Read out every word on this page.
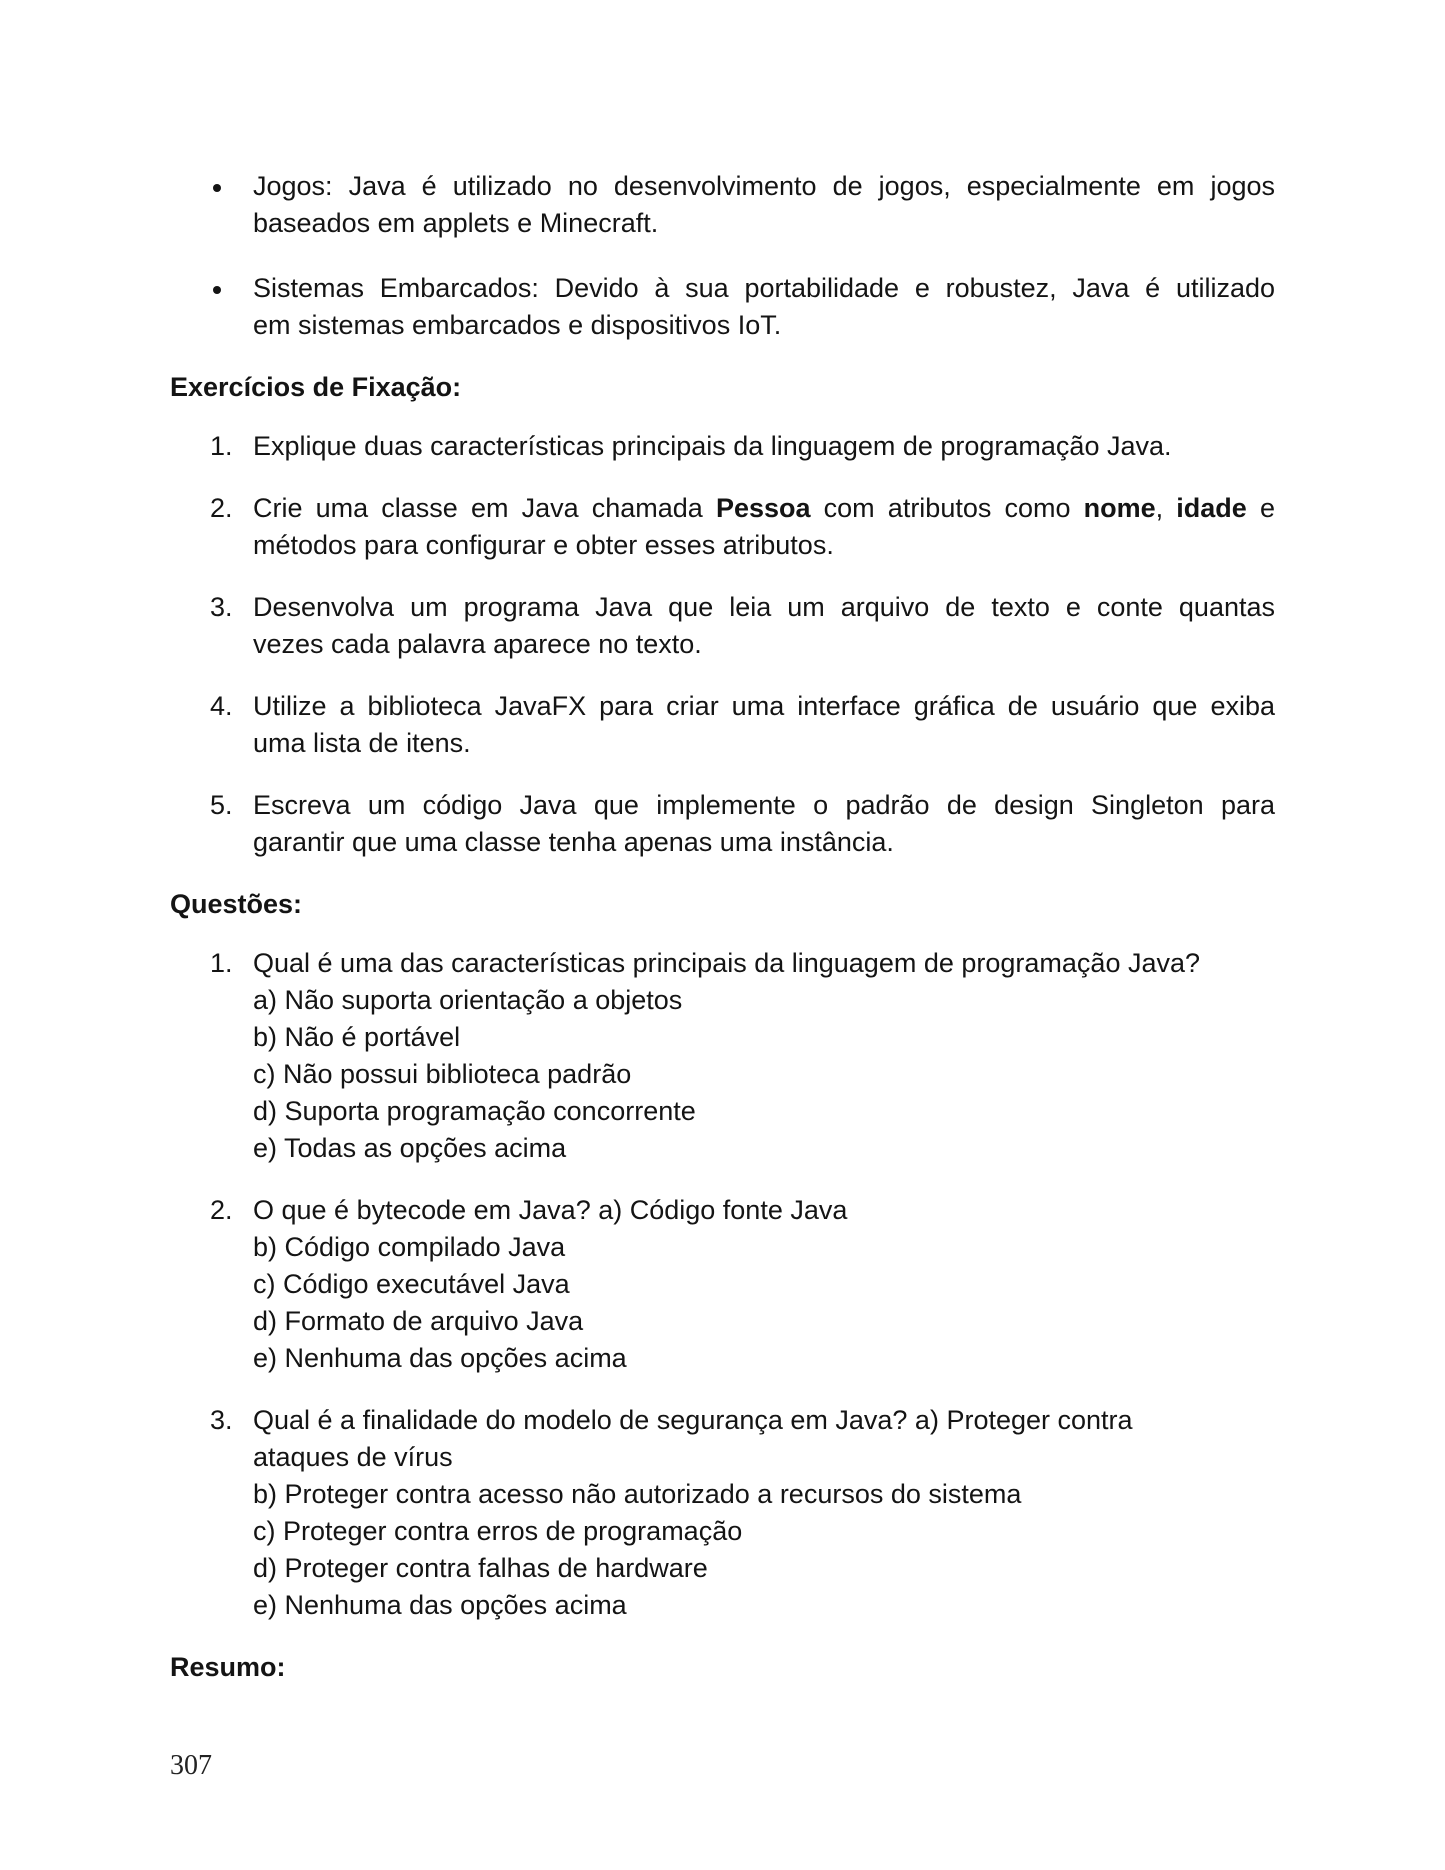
Jogos: Java é utilizado no desenvolvimento de jogos, especialmente em jogos
baseados em applets e Minecraft.
Sistemas Embarcados: Devido à sua portabilidade e robustez, Java é utilizado
em sistemas embarcados e dispositivos IoT.
Exercícios de Fixação:
1. Explique duas características principais da linguagem de programação Java.
2. Crie uma classe em Java chamada Pessoa com atributos como nome, idade e
métodos para configurar e obter esses atributos.
3. Desenvolva um programa Java que leia um arquivo de texto e conte quantas
vezes cada palavra aparece no texto.
4. Utilize a biblioteca JavaFX para criar uma interface gráfica de usuário que exiba
uma lista de itens.
5. Escreva um código Java que implemente o padrão de design Singleton para
garantir que uma classe tenha apenas uma instância.
Questões:
1. Qual é uma das características principais da linguagem de programação Java?
a) Não suporta orientação a objetos
b) Não é portável
c) Não possui biblioteca padrão
d) Suporta programação concorrente
e) Todas as opções acima
2. O que é bytecode em Java? a) Código fonte Java
b) Código compilado Java
c) Código executável Java
d) Formato de arquivo Java
e) Nenhuma das opções acima
3. Qual é a finalidade do modelo de segurança em Java? a) Proteger contra
ataques de vírus
b) Proteger contra acesso não autorizado a recursos do sistema
c) Proteger contra erros de programação
d) Proteger contra falhas de hardware
e) Nenhuma das opções acima
Resumo:
307
